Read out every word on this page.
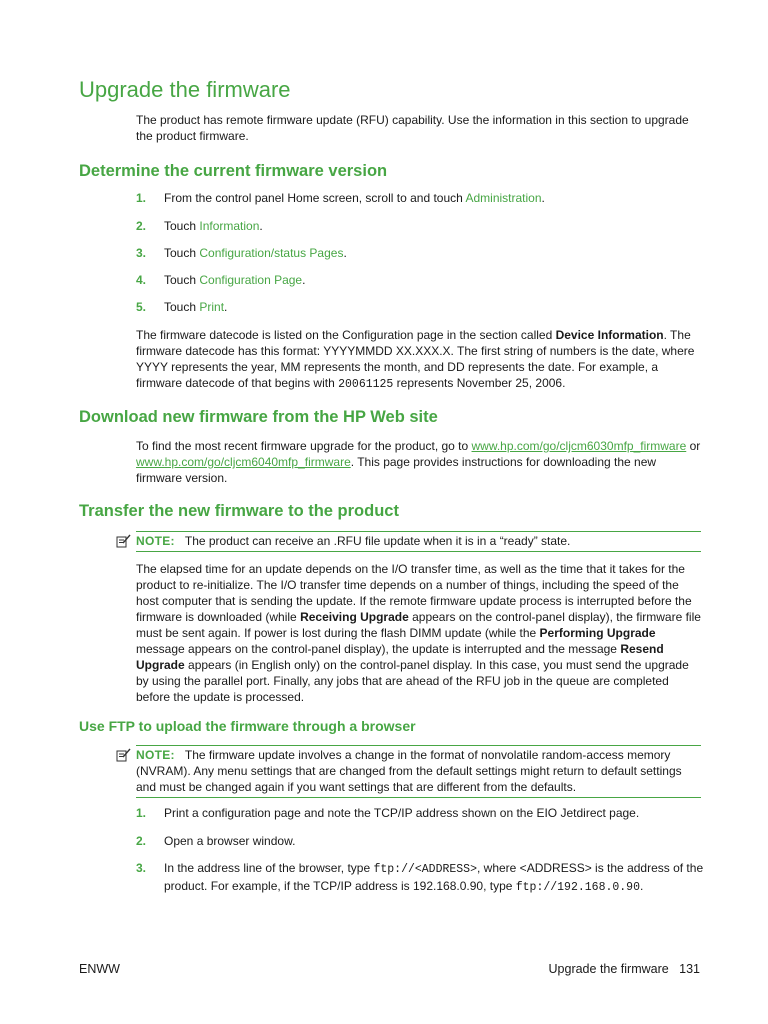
Upgrade the firmware

The product has remote firmware update (RFU) capability. Use the information in this section to upgrade the product firmware.

Determine the current firmware version
1. From the control panel Home screen, scroll to and touch Administration.
2. Touch Information.
3. Touch Configuration/status Pages.
4. Touch Configuration Page.
5. Touch Print.

The firmware datecode is listed on the Configuration page in the section called Device Information. The firmware datecode has this format: YYYYMMDD XX.XXX.X. The first string of numbers is the date, where YYYY represents the year, MM represents the month, and DD represents the date. For example, a firmware datecode of that begins with 20061125 represents November 25, 2006.

Download new firmware from the HP Web site

To find the most recent firmware upgrade for the product, go to www.hp.com/go/cljcm6030mfp_firmware or www.hp.com/go/cljcm6040mfp_firmware. This page provides instructions for downloading the new firmware version.

Transfer the new firmware to the product
NOTE: The product can receive an .RFU file update when it is in a “ready” state.

The elapsed time for an update depends on the I/O transfer time, as well as the time that it takes for the product to re-initialize. The I/O transfer time depends on a number of things, including the speed of the host computer that is sending the update. If the remote firmware update process is interrupted before the firmware is downloaded (while Receiving Upgrade appears on the control-panel display), the firmware file must be sent again. If power is lost during the flash DIMM update (while the Performing Upgrade message appears on the control-panel display), the update is interrupted and the message Resend Upgrade appears (in English only) on the control-panel display. In this case, you must send the upgrade by using the parallel port. Finally, any jobs that are ahead of the RFU job in the queue are completed before the update is processed.

Use FTP to upload the firmware through a browser
NOTE: The firmware update involves a change in the format of nonvolatile random-access memory (NVRAM). Any menu settings that are changed from the default settings might return to default settings and must be changed again if you want settings that are different from the defaults.
1. Print a configuration page and note the TCP/IP address shown on the EIO Jetdirect page.
2. Open a browser window.
3. In the address line of the browser, type ftp://<ADDRESS>, where <ADDRESS> is the address of the product. For example, if the TCP/IP address is 192.168.0.90, type ftp://192.168.0.90.
ENWW	Upgrade the firmware 131
